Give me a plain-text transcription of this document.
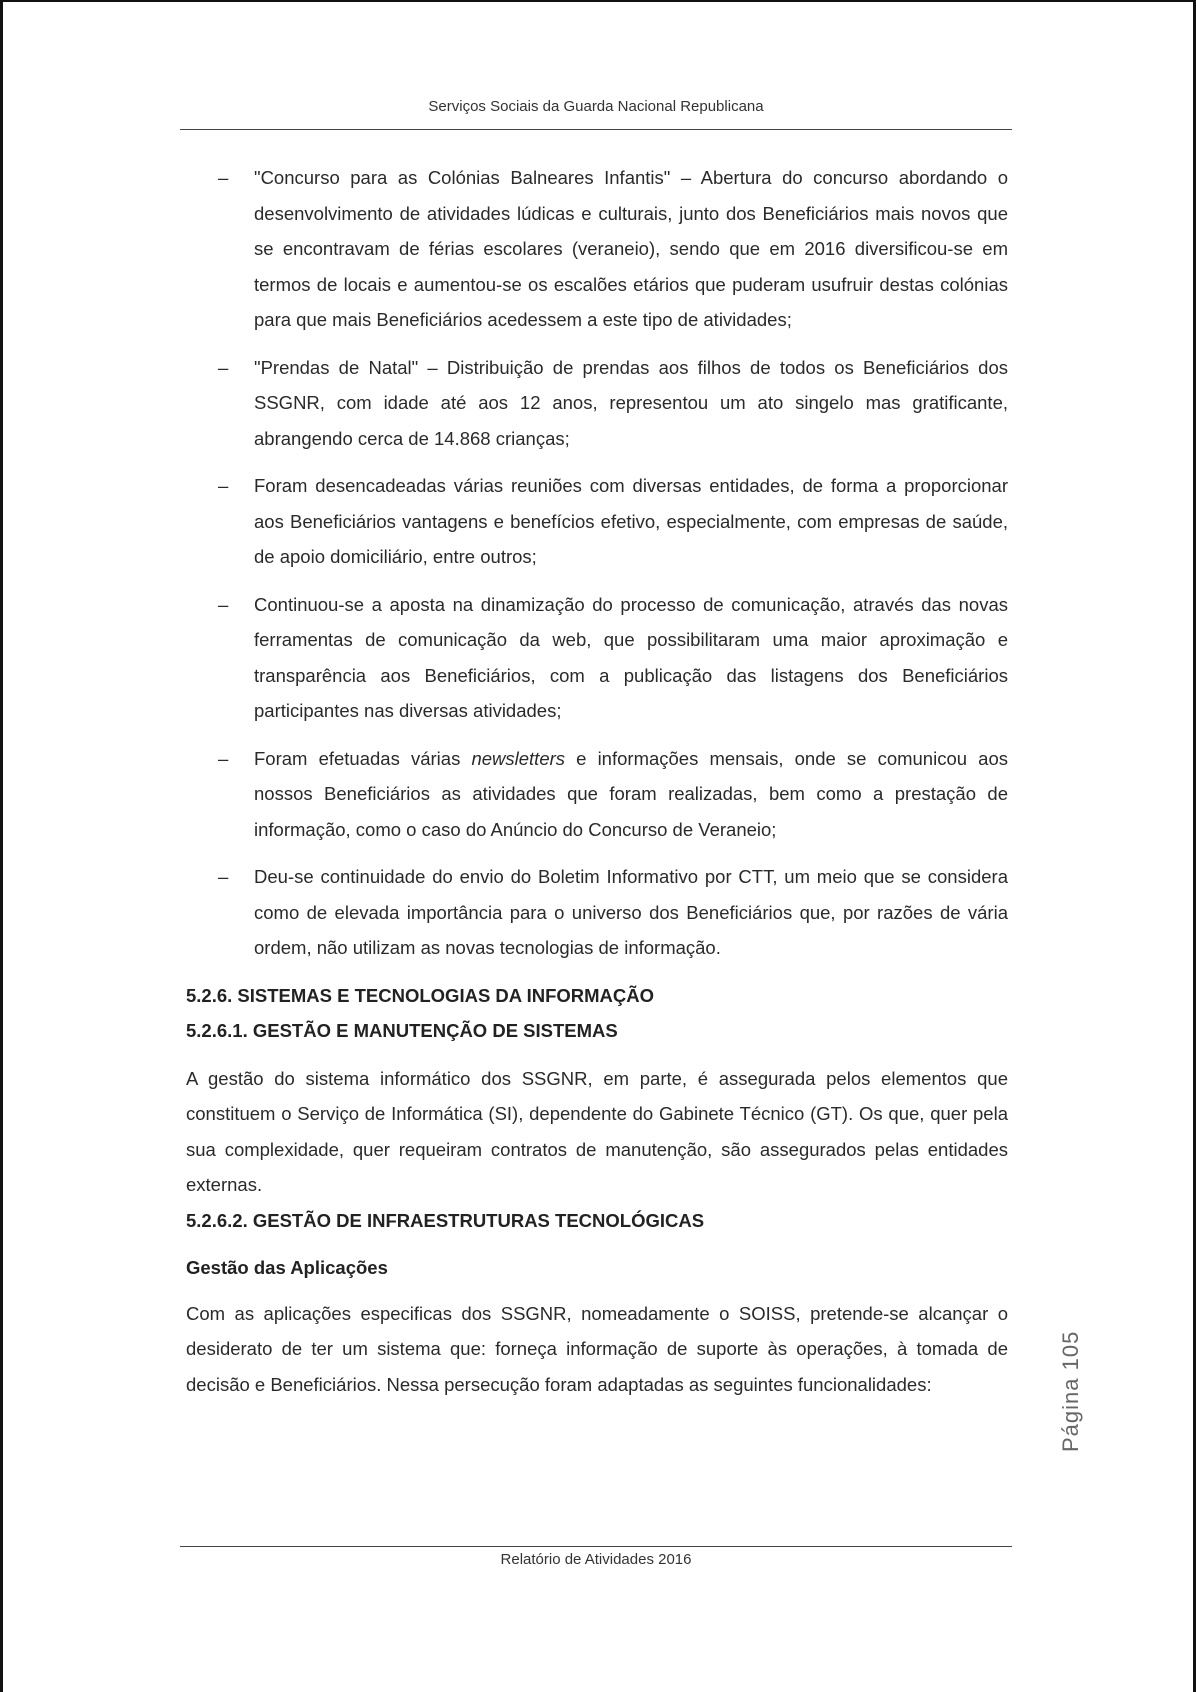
Serviços Sociais da Guarda Nacional Republicana
– "Concurso para as Colónias Balneares Infantis" – Abertura do concurso abordando o desenvolvimento de atividades lúdicas e culturais, junto dos Beneficiários mais novos que se encontravam de férias escolares (veraneio), sendo que em 2016 diversificou-se em termos de locais e aumentou-se os escalões etários que puderam usufruir destas colónias para que mais Beneficiários acedessem a este tipo de atividades;
– "Prendas de Natal" – Distribuição de prendas aos filhos de todos os Beneficiários dos SSGNR, com idade até aos 12 anos, representou um ato singelo mas gratificante, abrangendo cerca de 14.868 crianças;
– Foram desencadeadas várias reuniões com diversas entidades, de forma a proporcionar aos Beneficiários vantagens e benefícios efetivo, especialmente, com empresas de saúde, de apoio domiciliário, entre outros;
– Continuou-se a aposta na dinamização do processo de comunicação, através das novas ferramentas de comunicação da web, que possibilitaram uma maior aproximação e transparência aos Beneficiários, com a publicação das listagens dos Beneficiários participantes nas diversas atividades;
– Foram efetuadas várias newsletters e informações mensais, onde se comunicou aos nossos Beneficiários as atividades que foram realizadas, bem como a prestação de informação, como o caso do Anúncio do Concurso de Veraneio;
– Deu-se continuidade do envio do Boletim Informativo por CTT, um meio que se considera como de elevada importância para o universo dos Beneficiários que, por razões de vária ordem, não utilizam as novas tecnologias de informação.
5.2.6. SISTEMAS E TECNOLOGIAS DA INFORMAÇÃO
5.2.6.1. GESTÃO E MANUTENÇÃO DE SISTEMAS

A gestão do sistema informático dos SSGNR, em parte, é assegurada pelos elementos que constituem o Serviço de Informática (SI), dependente do Gabinete Técnico (GT). Os que, quer pela sua complexidade, quer requeiram contratos de manutenção, são assegurados pelas entidades externas.

5.2.6.2. GESTÃO DE INFRAESTRUTURAS TECNOLÓGICAS
Gestão das Aplicações

Com as aplicações especificas dos SSGNR, nomeadamente o SOISS, pretende-se alcançar o desiderato de ter um sistema que: forneça informação de suporte às operações, à tomada de decisão e Beneficiários. Nessa persecução foram adaptadas as seguintes funcionalidades:	Página 105
Relatório de Atividades 2016
